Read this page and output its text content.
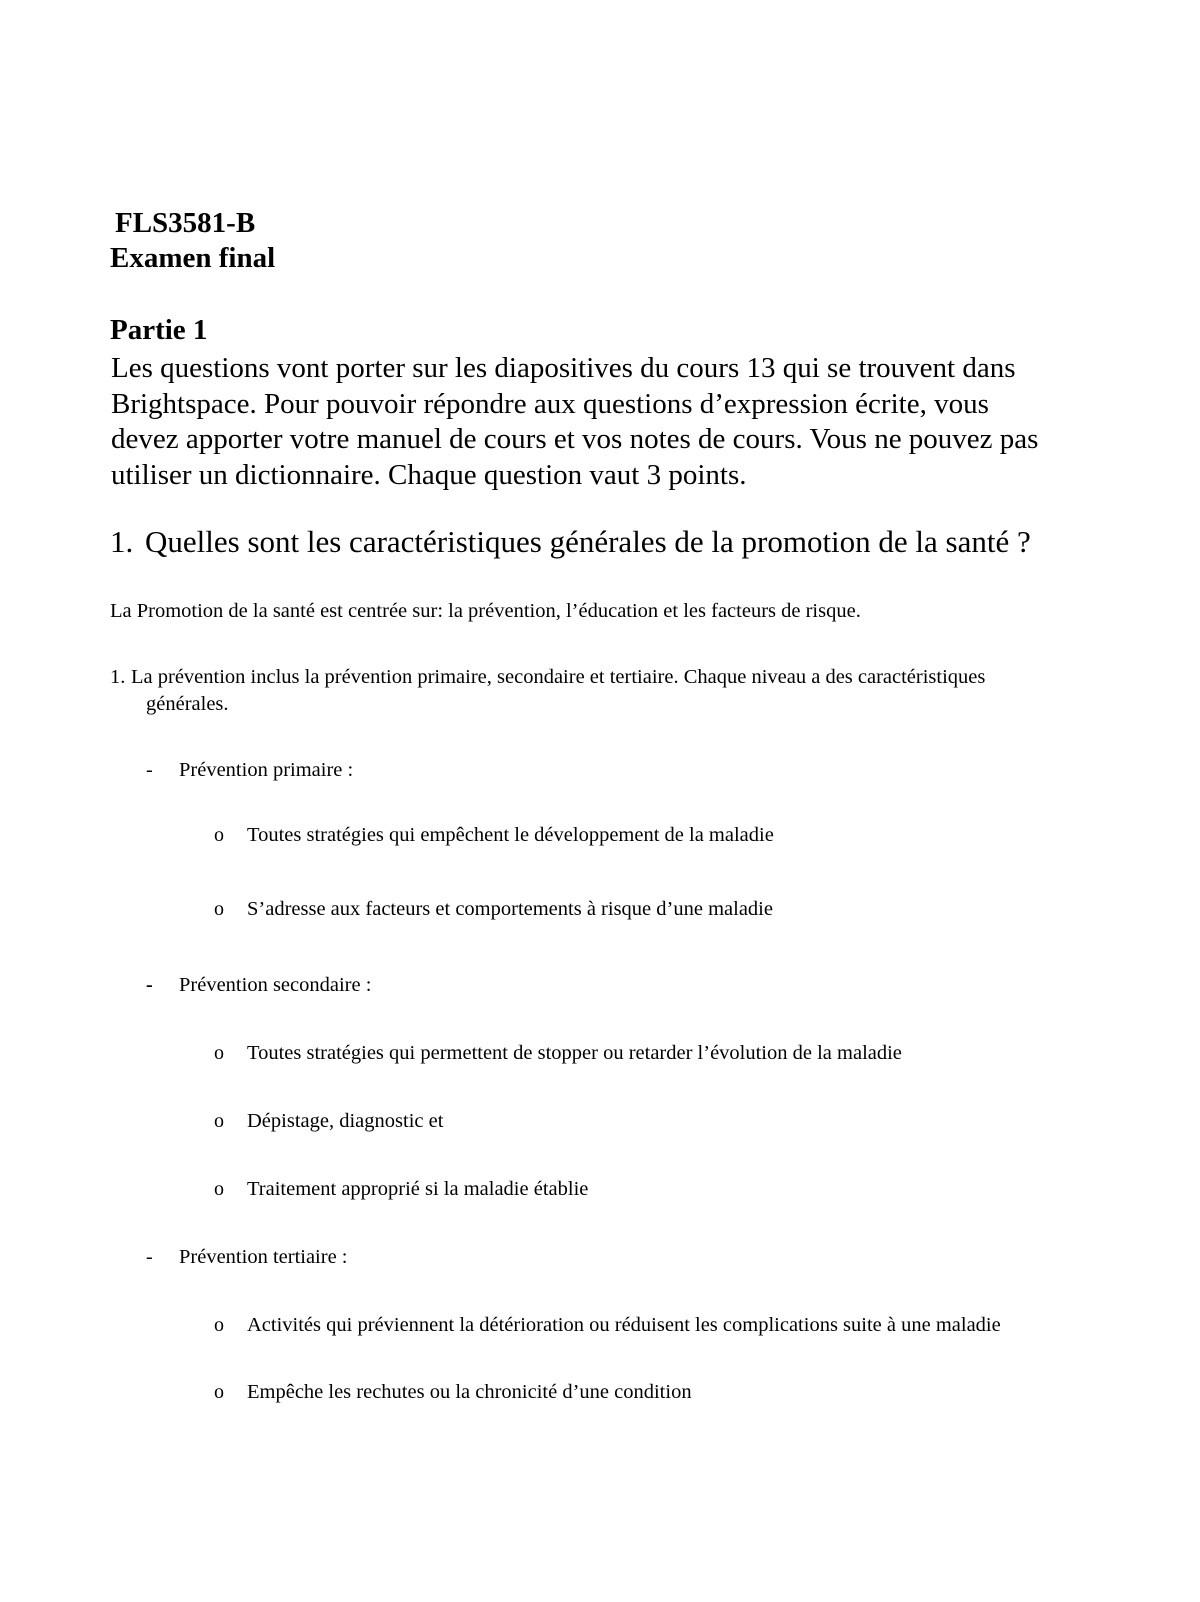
FLS3581-B
Examen final
Partie 1

Les questions vont porter sur les diapositives du cours 13 qui se trouvent dans

Brightspace. Pour pouvoir répondre aux questions d’expression écrite, vous

devez apporter votre manuel de cours et vos notes de cours. Vous ne pouvez pas

utiliser un dictionnaire. Chaque question vaut 3 points.

1. Quelles sont les caractéristiques générales de la promotion de la santé ?
La Promotion de la santé est centrée sur: la prévention, l’éducation et les facteurs de risque.
1. La prévention inclus la prévention primaire, secondaire et tertiaire. Chaque niveau a des caractéristiques
générales.
- Prévention primaire :
o Toutes stratégies qui empêchent le développement de la maladie
o S’adresse aux facteurs et comportements à risque d’une maladie
- Prévention secondaire :
o Toutes stratégies qui permettent de stopper ou retarder l’évolution de la maladie
o Dépistage, diagnostic et
o Traitement approprié si la maladie établie
- Prévention tertiaire :
o Activités qui préviennent la détérioration ou réduisent les complications suite à une maladie
o Empêche les rechutes ou la chronicité d’une condition
